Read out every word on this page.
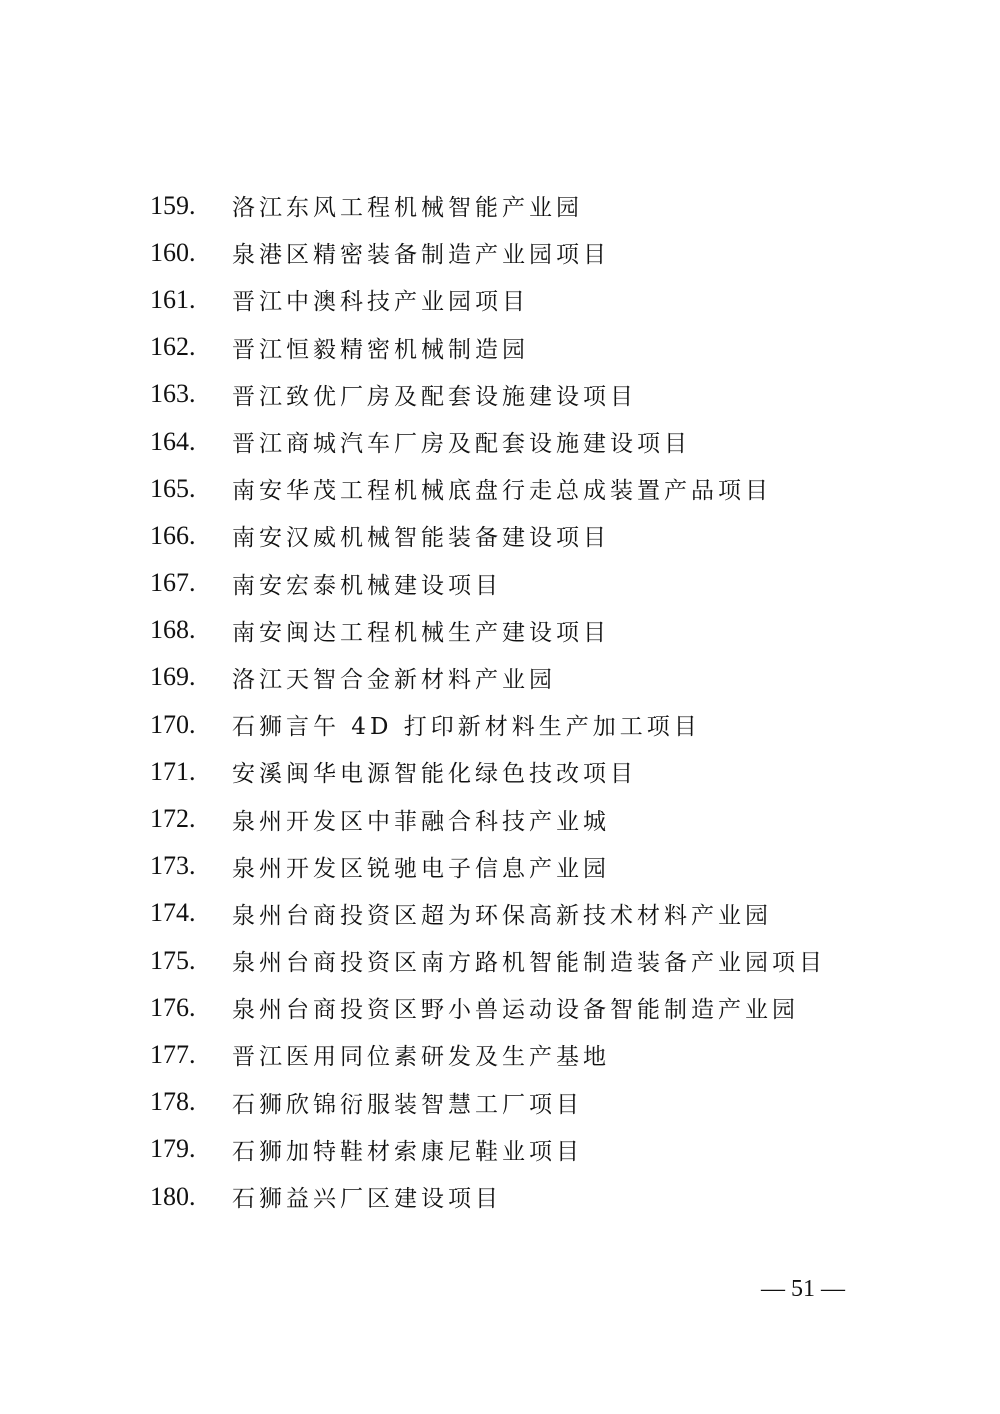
159.	洛江东风工程机械智能产业园
160.	泉港区精密装备制造产业园项目
161.	晋江中澳科技产业园项目
162.	晋江恒毅精密机械制造园
163.	晋江致优厂房及配套设施建设项目
164.	晋江商城汽车厂房及配套设施建设项目
165.	南安华茂工程机械底盘行走总成装置产品项目
166.	南安汉威机械智能装备建设项目
167.	南安宏泰机械建设项目
168.	南安闽达工程机械生产建设项目
169.	洛江天智合金新材料产业园
170.	石狮言午 4D 打印新材料生产加工项目
171.	安溪闽华电源智能化绿色技改项目
172.	泉州开发区中菲融合科技产业城
173.	泉州开发区锐驰电子信息产业园
174.	泉州台商投资区超为环保高新技术材料产业园
175.	泉州台商投资区南方路机智能制造装备产业园项目
176.	泉州台商投资区野小兽运动设备智能制造产业园
177.	晋江医用同位素研发及生产基地
178.	石狮欣锦衍服装智慧工厂项目
179.	石狮加特鞋材索康尼鞋业项目
180.	石狮益兴厂区建设项目
— 51 —
